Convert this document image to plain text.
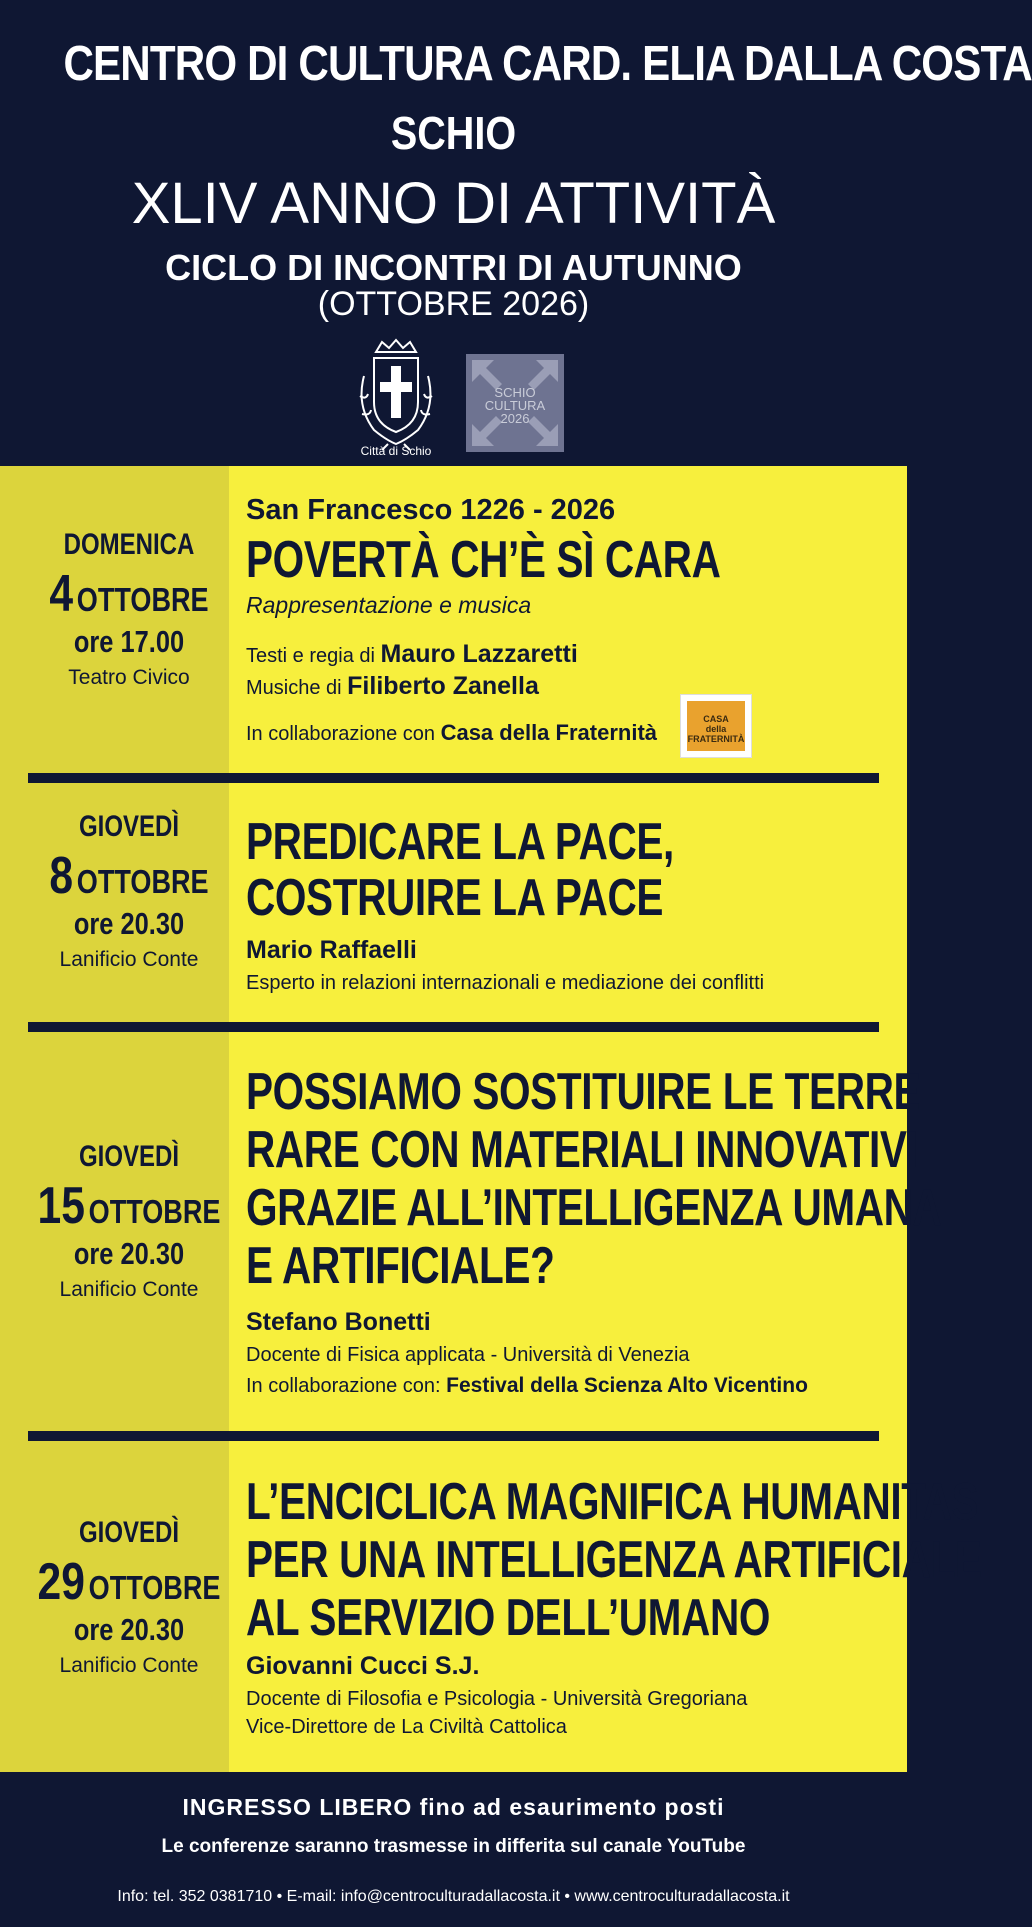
CENTRO DI CULTURA CARD. ELIA DALLA COSTA
SCHIO
XLIV ANNO DI ATTIVITÀ
CICLO DI INCONTRI DI AUTUNNO
(OTTOBRE 2026)
Città di Schio
SCHIO
CULTURA
2026
DOMENICA
4 OTTOBRE
ore 17.00
Teatro Civico
San Francesco 1226 - 2026
POVERTÀ CH’È SÌ CARA
Rappresentazione e musica
Testi e regia di Mauro Lazzaretti
Musiche di Filiberto Zanella
In collaborazione con Casa della Fraternità
GIOVEDÌ
8 OTTOBRE
ore 20.30
Lanificio Conte
PREDICARE LA PACE,
COSTRUIRE LA PACE
Mario Raffaelli
Esperto in relazioni internazionali e mediazione dei conflitti
GIOVEDÌ
15 OTTOBRE
ore 20.30
Lanificio Conte
POSSIAMO SOSTITUIRE LE TERRE
RARE CON MATERIALI INNOVATIVI
GRAZIE ALL’INTELLIGENZA UMANA
E ARTIFICIALE?
Stefano Bonetti
Docente di Fisica applicata - Università di Venezia
In collaborazione con: Festival della Scienza Alto Vicentino
GIOVEDÌ
29 OTTOBRE
ore 20.30
Lanificio Conte
L’ENCICLICA MAGNIFICA HUMANITAS
PER UNA INTELLIGENZA ARTIFICIALE
AL SERVIZIO DELL’UMANO
Giovanni Cucci S.J.
Docente di Filosofia e Psicologia - Università Gregoriana
Vice-Direttore de La Civiltà Cattolica
CASA
della
FRATERNITÀ
INGRESSO LIBERO fino ad esaurimento posti
Le conferenze saranno trasmesse in differita sul canale YouTube
Info: tel. 352 0381710 • E-mail: info@centroculturadallacosta.it • www.centroculturadallacosta.it
